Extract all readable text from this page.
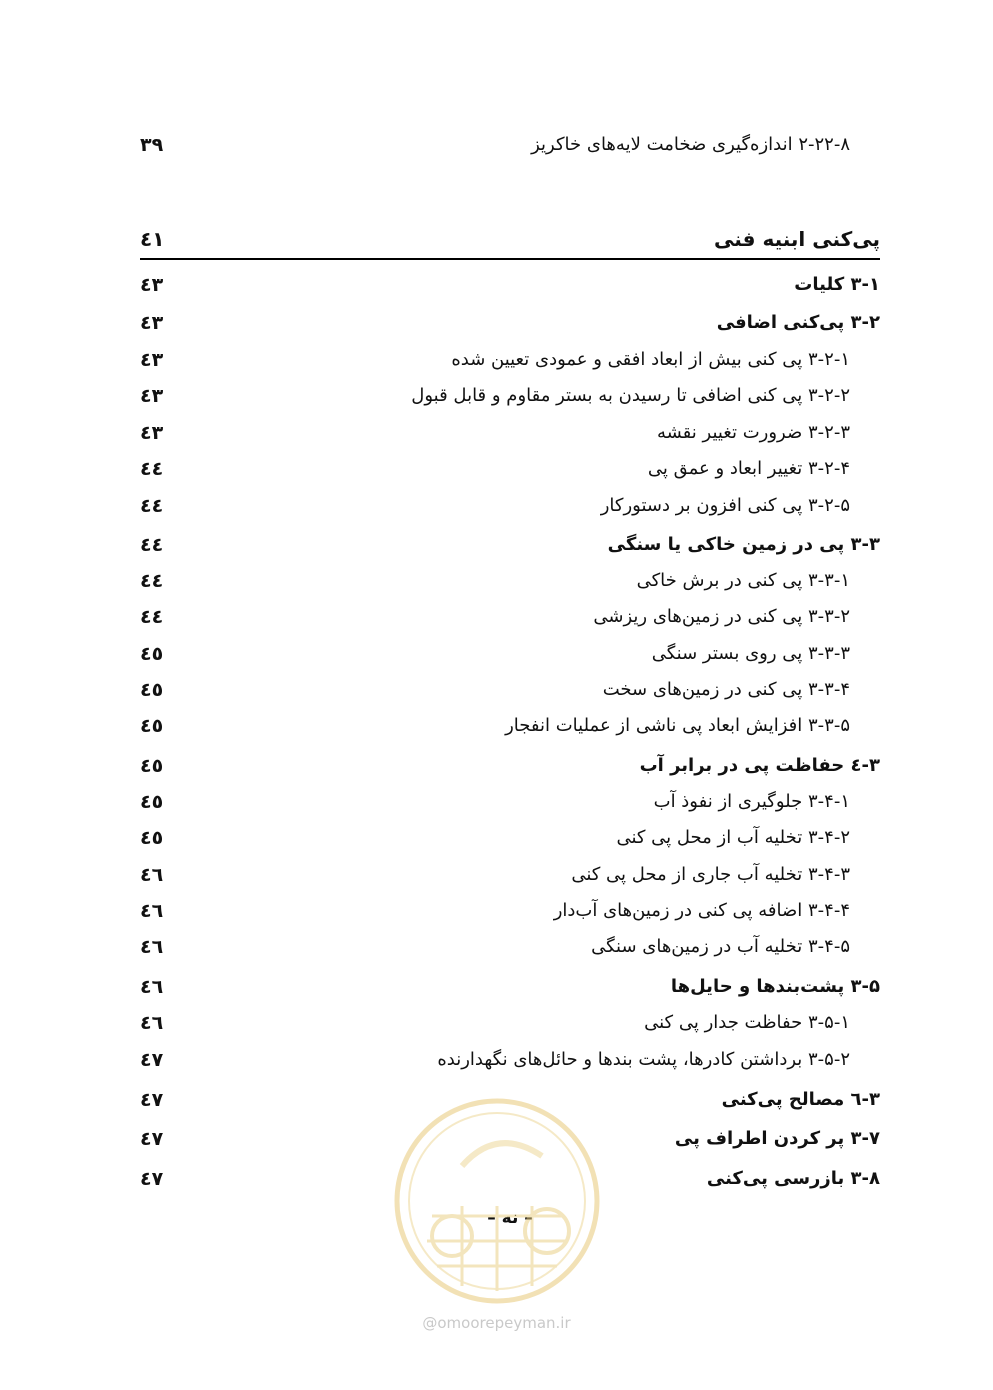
۲-۲۲-۸ اندازه‌گیری ضخامت لایه‌های خاکریز
۳۹
پی‌کنی ابنیه فنی
٤١
۳-۱ کلیات
٤٣
۳-۲ پی‌کنی اضافی
٤٣
۳-۲-۱ پی کنی بیش از ابعاد افقی و عمودی تعیین شده
٤٣
۳-۲-۲ پی کنی اضافی تا رسیدن به بستر مقاوم و قابل قبول
٤٣
۳-۲-۳ ضرورت تغییر نقشه
٤٣
۳-۲-۴ تغییر ابعاد و عمق پی
٤٤
۳-۲-۵ پی کنی افزون بر دستورکار
٤٤
۳-۳ پی در زمین خاکی یا سنگی
٤٤
۳-۳-۱ پی کنی در برش خاکی
٤٤
۳-۳-۲ پی کنی در زمین‌های ریزشی
٤٤
۳-۳-۳ پی روی بستر سنگی
٤٥
۳-۳-۴ پی کنی در زمین‌های سخت
٤٥
۳-۳-۵ افزایش ابعاد پی ناشی از عملیات انفجار
٤٥
۳-٤ حفاظت پی در برابر آب
٤٥
۳-۴-۱ جلوگیری از نفوذ آب
٤٥
۳-۴-۲ تخلیه آب از محل پی کنی
٤٥
۳-۴-۳ تخلیه آب جاری از محل پی کنی
٤٦
۳-۴-۴ اضافه پی کنی در زمین‌های آب‌دار
٤٦
۳-۴-۵ تخلیه آب در زمین‌های سنگی
٤٦
۳-۵ پشت‌بندها و حایل‌ها
٤٦
۳-۵-۱ حفاظت جدار پی کنی
٤٦
۳-۵-۲ برداشتن کادرها، پشت بندها و حائل‌های نگهدارنده
٤٧
۳-٦ مصالح پی‌کنی
٤٧
۳-۷ پر کردن اطراف پی
٤٧
۳-۸ بازرسی پی‌کنی
٤٧
– نه –
@omoorepeyman.ir
